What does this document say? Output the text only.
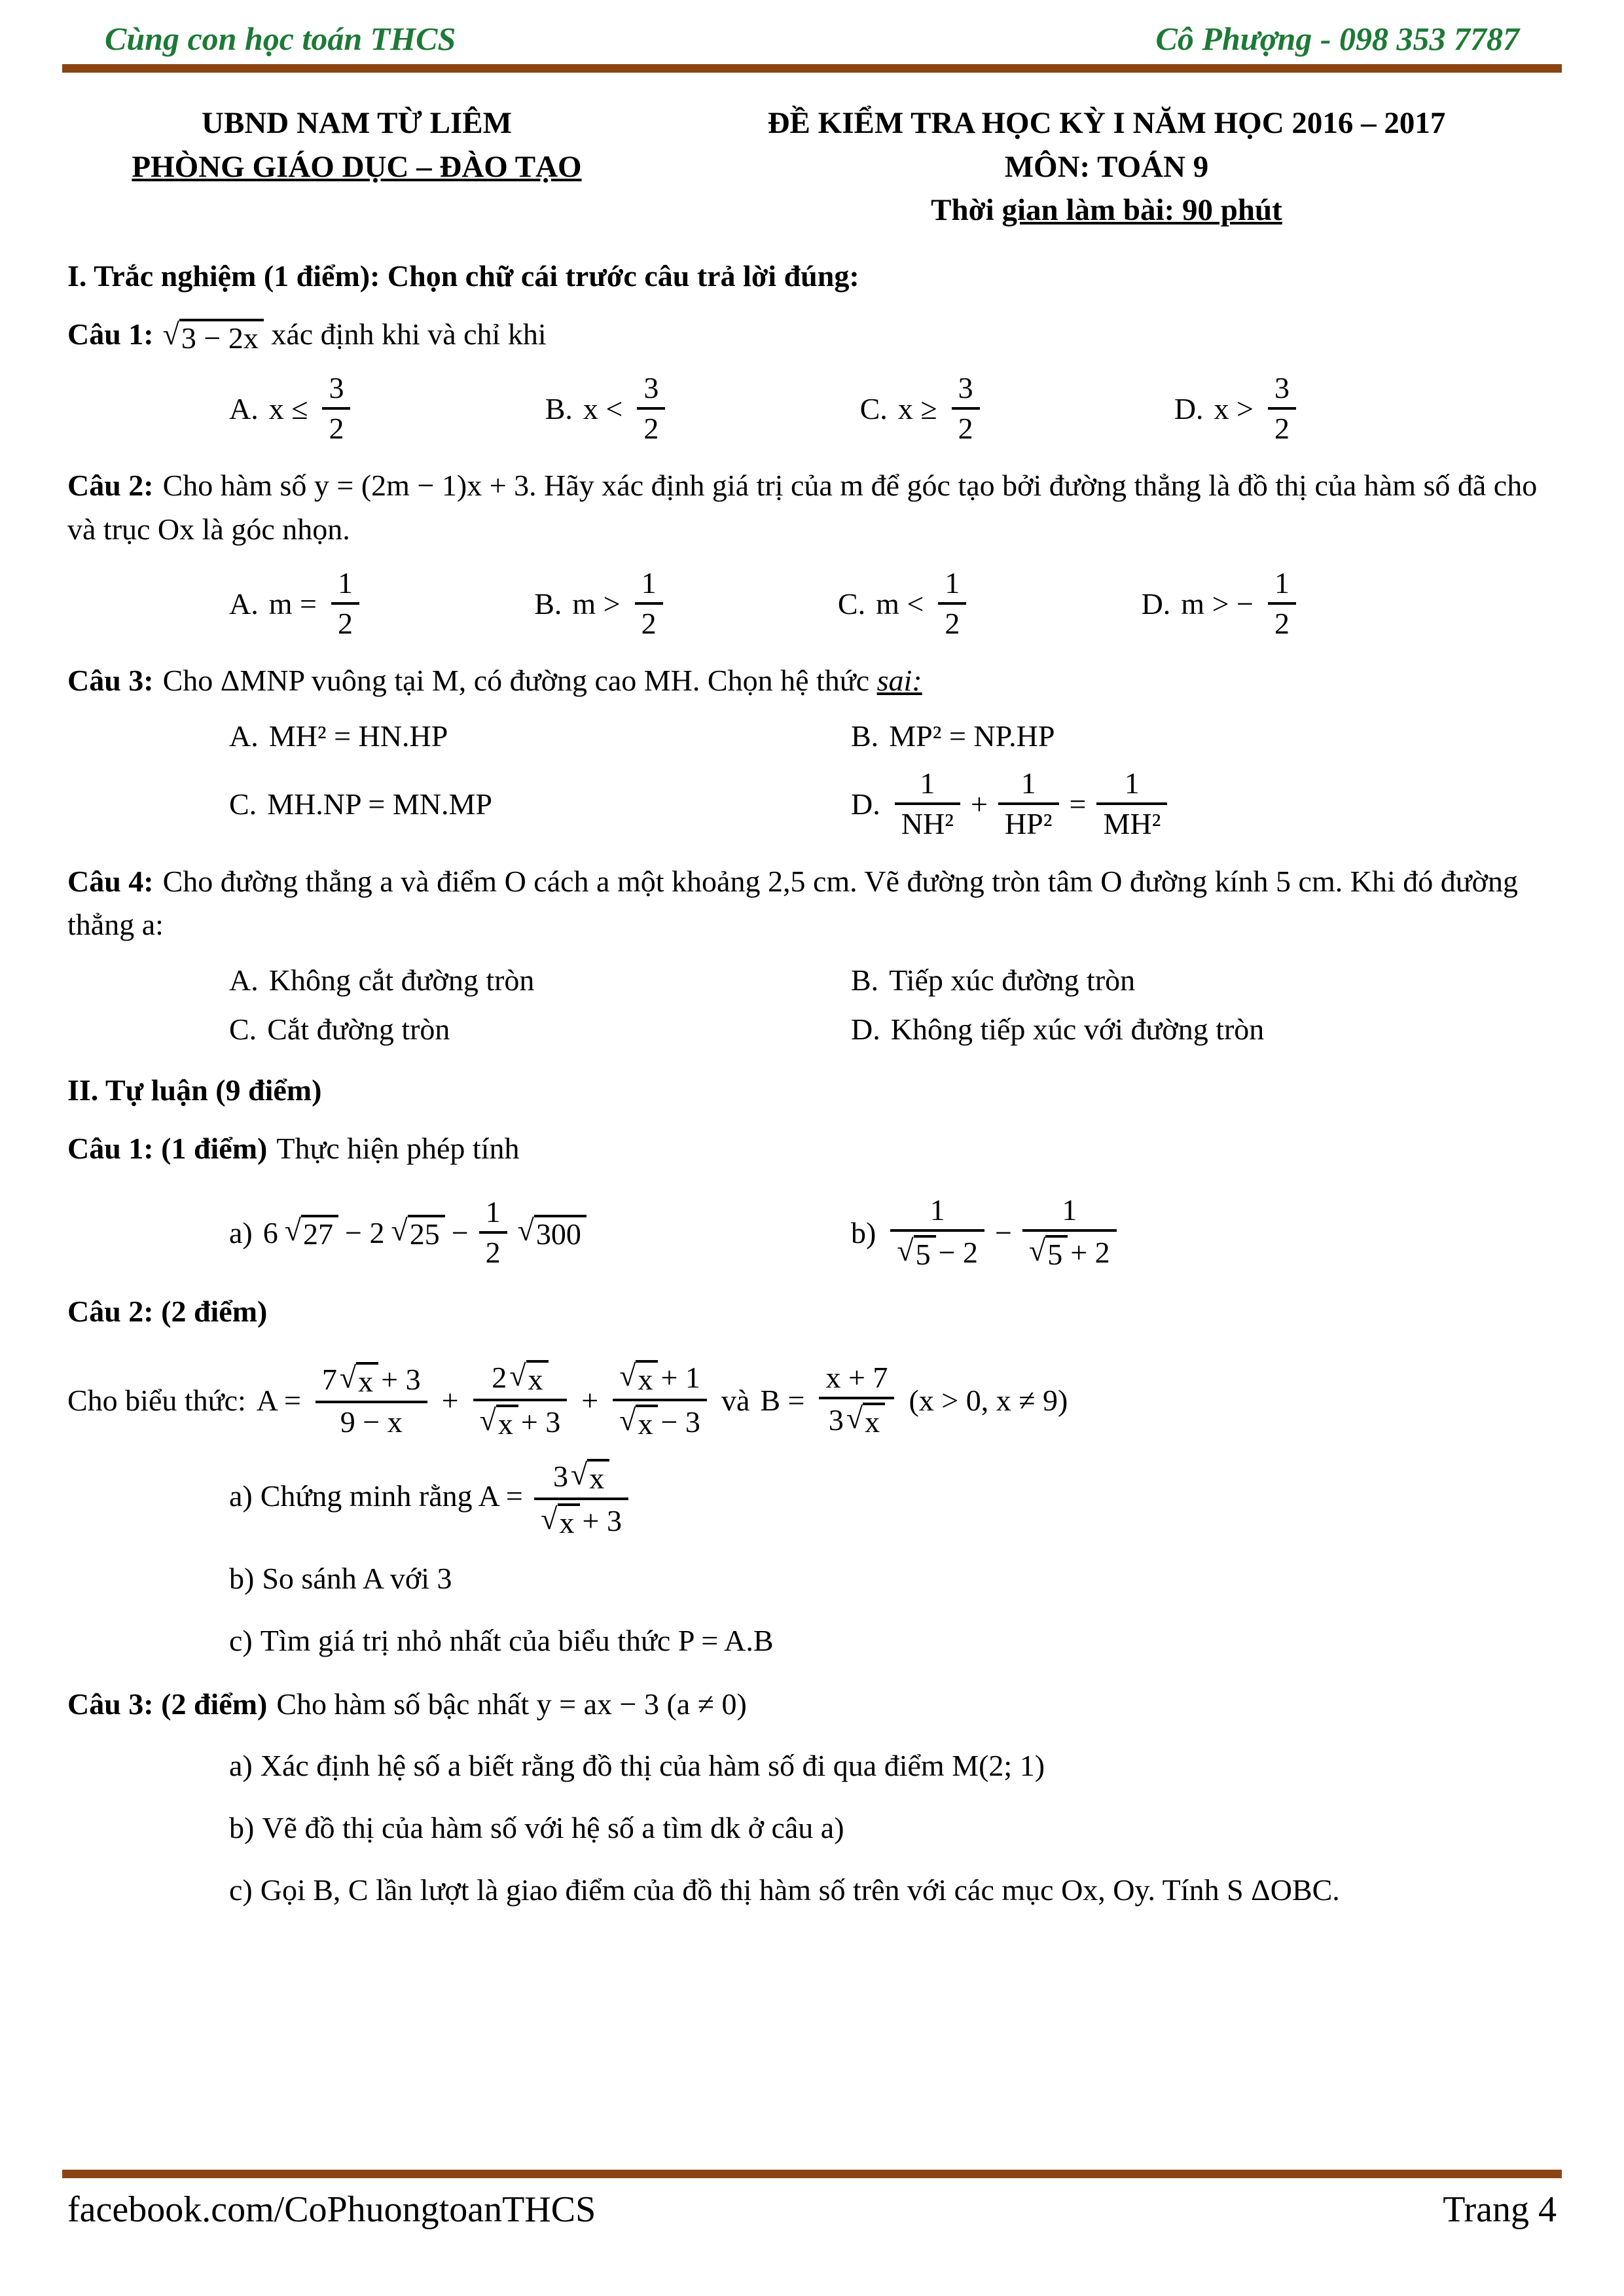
Cùng con học toán THCS	Cô Phượng - 098 353 7787
UBND NAM TỪ LIÊM
PHÒNG GIÁO DỤC – ĐÀO TẠO
ĐỀ KIỂM TRA HỌC KỲ I NĂM HỌC 2016 – 2017
MÔN: TOÁN 9
Thời gian làm bài: 90 phút

I. Trắc nghiệm (1 điểm): Chọn chữ cái trước câu trả lời đúng:

Câu 1: √ 3 − 2x xác định khi và chỉ khi

A. $x \le \frac{3}{2}$	B. $x < \frac{3}{2}$	C. $x \ge \frac{3}{2}$	D. $x > \frac{3}{2}$

Câu 2: Cho hàm số y = (2m − 1)x + 3. Hãy xác định giá trị của m để góc tạo bởi đường thẳng là đồ thị của hàm số đã cho và trục Ox là góc nhọn.

A. $m = \frac{1}{2}$	B. $m > \frac{1}{2}$	C. $m < \frac{1}{2}$	D. m > − $\frac{1}{2}$

Câu 3: Cho ΔMNP vuông tại M, có đường cao MH. Chọn hệ thức sai:

A. MH² = HN.HP	B. MP² = NP.HP
C. MH.NP = MN.MP	D. $\frac{1}{\text{NH²}} + \frac{1}{\text{HP²}} = \frac{1}{\text{MH²}}$

Câu 4: Cho đường thẳng a và điểm O cách a một khoảng 2,5 cm. Vẽ đường tròn tâm O đường kính 5 cm. Khi đó đường thẳng a:

A. Không cắt đường tròn	B. Tiếp xúc đường tròn
C. Cắt đường tròn	D. Không tiếp xúc với đường tròn

II. Tự luận (9 điểm)

Câu 1: (1 điểm) Thực hiện phép tính

a) 6 √ 27 − 2 √ $25 - \frac{1}{2}$ √ 300	$b) \frac{1}{√ 5 - 2} - \frac{1}{√ 5 + 2}$

Câu 2: (2 điểm)

Cho biểu thức: $A = \frac{7 √ x + 3}{9 - x} + \frac{2 √ x}{√ x + 3} + \frac{√ x + 1}{√ x - 3}$ và $B = \frac{x + 7}{3 √ x} (x > 0$, x ≠ 9)

a) Chứng minh rằng $A = \frac{3 √ x}{√ x + 3}$

b) So sánh A với 3

c) Tìm giá trị nhỏ nhất của biểu thức P = A.B

Câu 3: (2 điểm) Cho hàm số bậc nhất y = ax − 3 (a ≠ 0)

a) Xác định hệ số a biết rằng đồ thị của hàm số đi qua điểm M(2; 1)

b) Vẽ đồ thị của hàm số với hệ số a tìm dk ở câu a)

c) Gọi B, C lần lượt là giao điểm của đồ thị hàm số trên với các mục Ox, Oy. Tính S ΔOBC.

facebook.com/CoPhuongtoanTHCS	Trang 4
